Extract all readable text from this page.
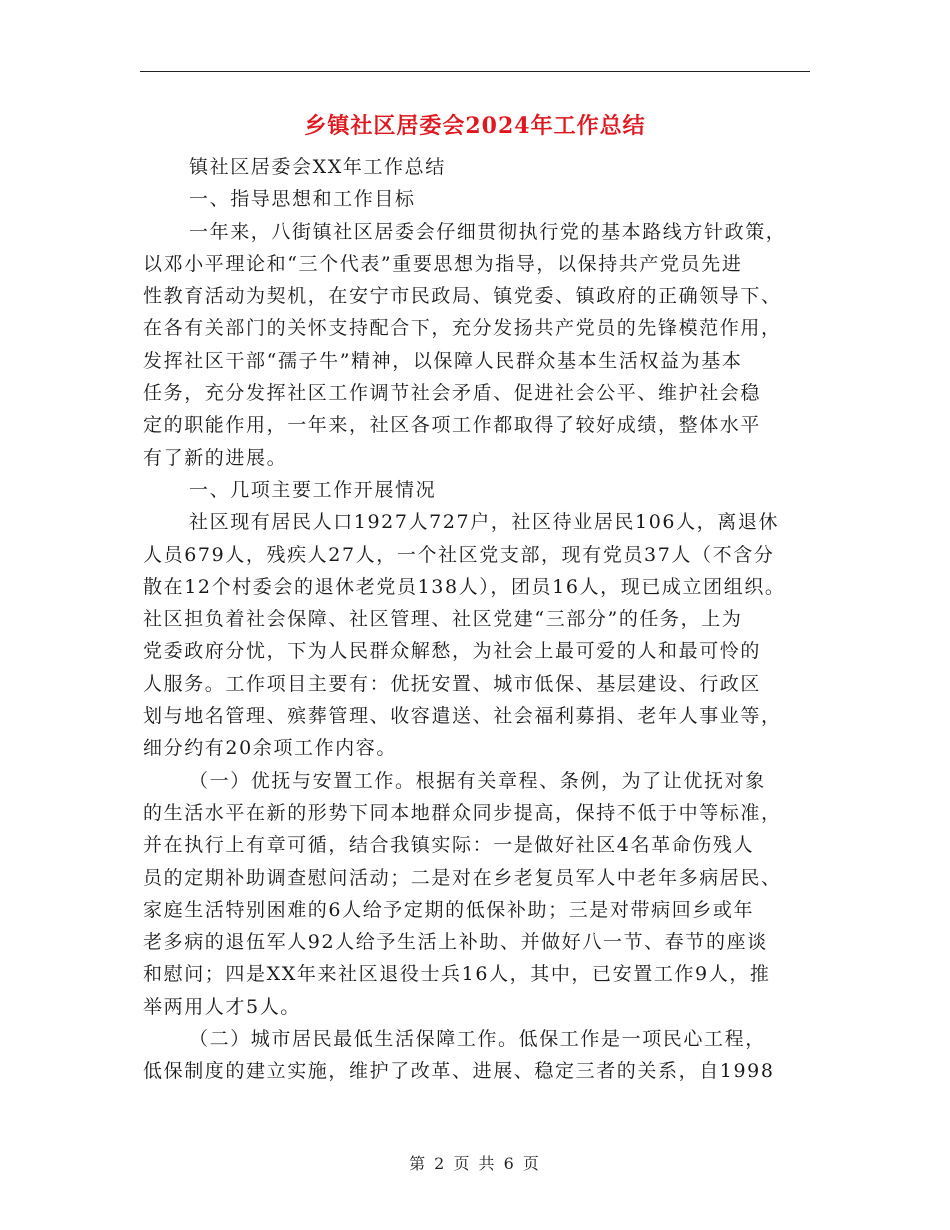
乡镇社区居委会2024年工作总结
镇社区居委会XX年工作总结
一、指导思想和工作目标
一年来，八街镇社区居委会仔细贯彻执行党的基本路线方针政策，
以邓小平理论和“三个代表”重要思想为指导，以保持共产党员先进
性教育活动为契机，在安宁市民政局、镇党委、镇政府的正确领导下、
在各有关部门的关怀支持配合下，充分发扬共产党员的先锋模范作用，
发挥社区干部“孺子牛”精神，以保障人民群众基本生活权益为基本
任务，充分发挥社区工作调节社会矛盾、促进社会公平、维护社会稳
定的职能作用，一年来，社区各项工作都取得了较好成绩，整体水平
有了新的进展。
一、几项主要工作开展情况
社区现有居民人口1927人727户，社区待业居民106人，离退休
人员679人，残疾人27人，一个社区党支部，现有党员37人（不含分
散在12个村委会的退休老党员138人），团员16人，现已成立团组织。
社区担负着社会保障、社区管理、社区党建“三部分”的任务，上为
党委政府分忧，下为人民群众解愁，为社会上最可爱的人和最可怜的
人服务。工作项目主要有：优抚安置、城市低保、基层建设、行政区
划与地名管理、殡葬管理、收容遣送、社会福利募捐、老年人事业等，
细分约有20余项工作内容。
（一）优抚与安置工作。根据有关章程、条例，为了让优抚对象
的生活水平在新的形势下同本地群众同步提高，保持不低于中等标准，
并在执行上有章可循，结合我镇实际：一是做好社区4名革命伤残人
员的定期补助调查慰问活动；二是对在乡老复员军人中老年多病居民、
家庭生活特别困难的6人给予定期的低保补助；三是对带病回乡或年
老多病的退伍军人92人给予生活上补助、并做好八一节、春节的座谈
和慰问；四是XX年来社区退役士兵16人，其中，已安置工作9人，推
举两用人才5人。
（二）城市居民最低生活保障工作。低保工作是一项民心工程，
低保制度的建立实施，维护了改革、进展、稳定三者的关系，自1998
第 2 页 共 6 页
